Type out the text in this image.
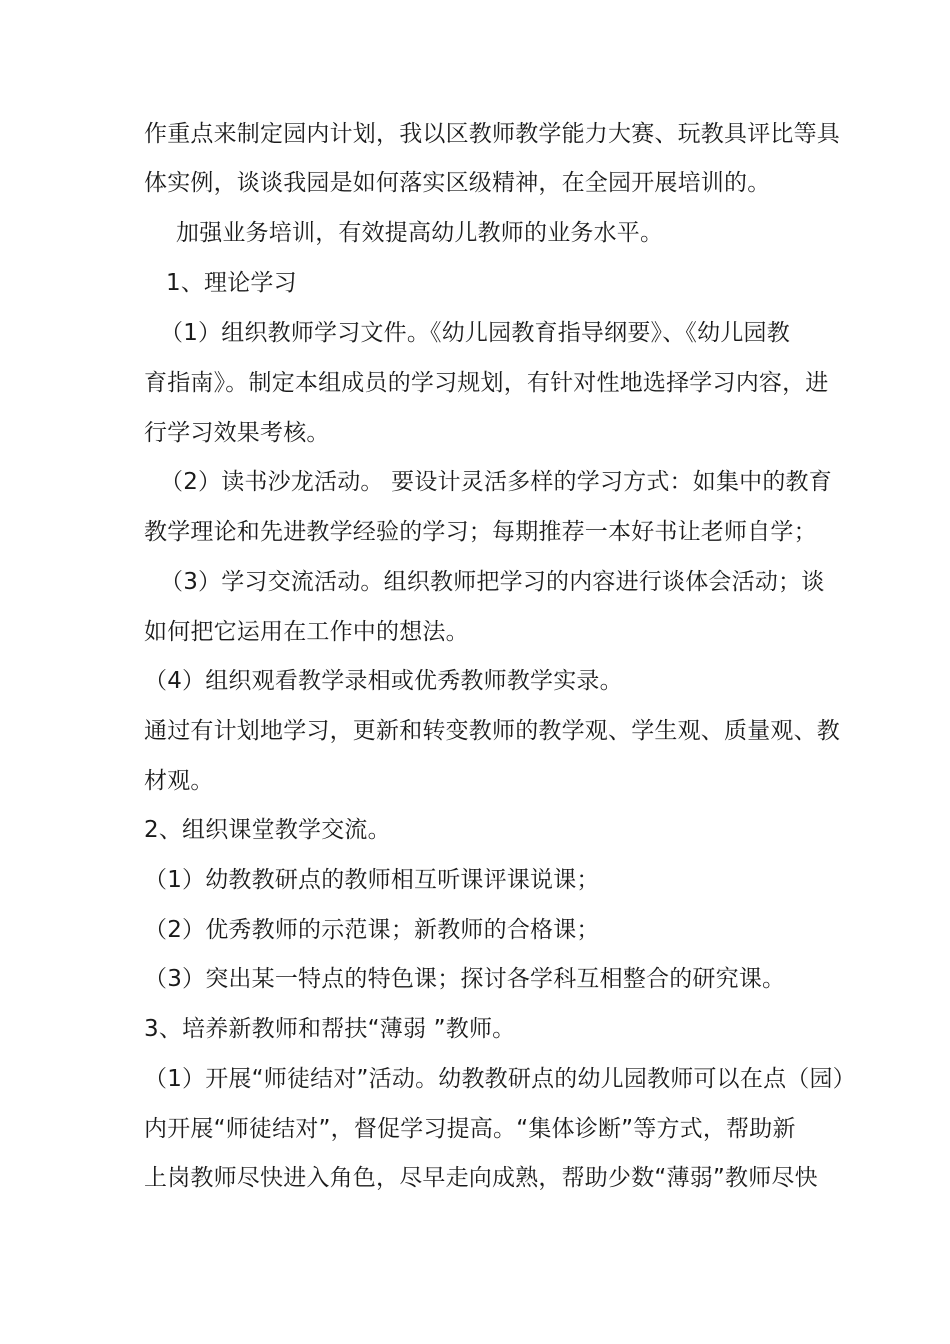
作重点来制定园内计划，我以区教师教学能力大赛、玩教具评比等具
体实例，谈谈我园是如何落实区级精神，在全园开展培训的。
加强业务培训，有效提高幼儿教师的业务水平。
1、理论学习
（1）组织教师学习文件。《幼儿园教育指导纲要》、《幼儿园教
育指南》。制定本组成员的学习规划，有针对性地选择学习内容，进
行学习效果考核。
（2）读书沙龙活动。 要设计灵活多样的学习方式：如集中的教育
教学理论和先进教学经验的学习；每期推荐一本好书让老师自学；
（3）学习交流活动。组织教师把学习的内容进行谈体会活动；谈
如何把它运用在工作中的想法。
（4）组织观看教学录相或优秀教师教学实录。
通过有计划地学习，更新和转变教师的教学观、学生观、质量观、教
材观。
2、组织课堂教学交流。
（1）幼教教研点的教师相互听课评课说课；
（2）优秀教师的示范课；新教师的合格课；
（3）突出某一特点的特色课；探讨各学科互相整合的研究课。
3、培养新教师和帮扶“薄弱 ”教师。
（1）开展“师徒结对”活动。幼教教研点的幼儿园教师可以在点（园）
内开展“师徒结对”，督促学习提高。“集体诊断”等方式，帮助新
上岗教师尽快进入角色，尽早走向成熟，帮助少数“薄弱”教师尽快
